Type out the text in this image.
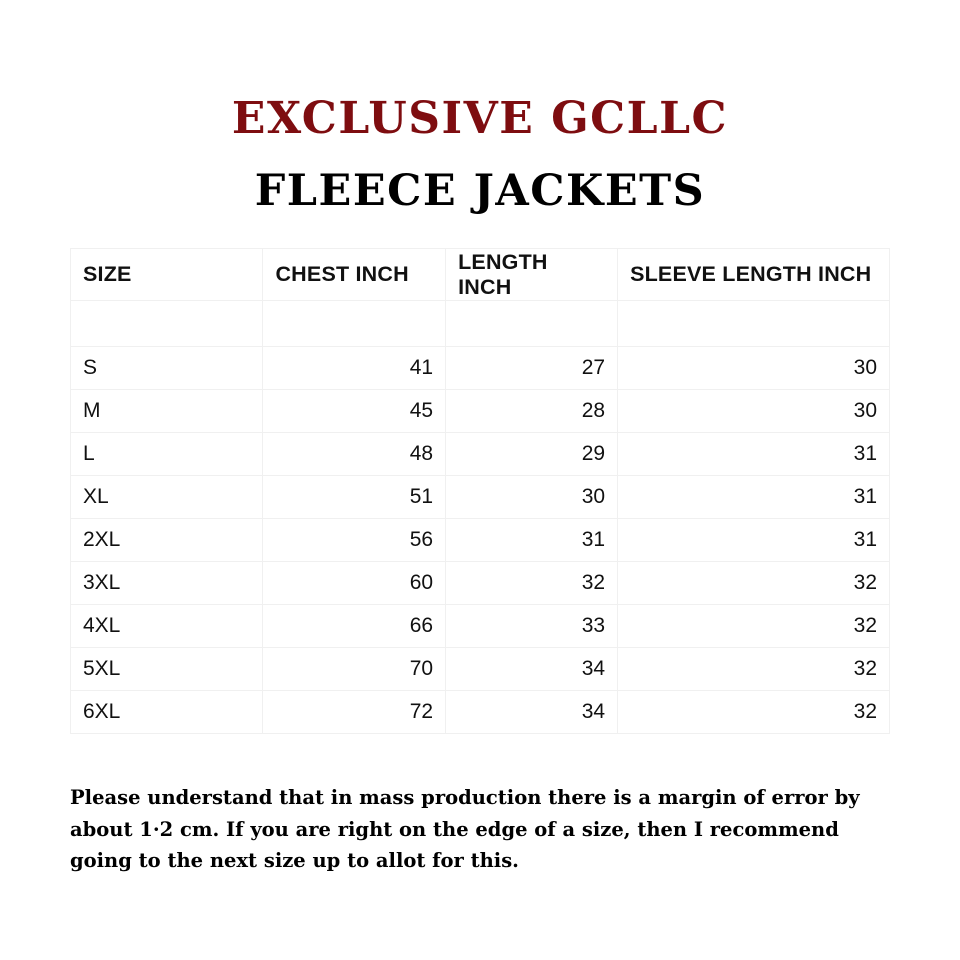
EXCLUSIVE GCLLC
FLEECE JACKETS
SIZE	CHEST INCH	LENGTH INCH	SLEEVE LENGTH INCH

S	41	27	30
M	45	28	30
L	48	29	31
XL	51	30	31
2XL	56	31	31
3XL	60	32	32
4XL	66	33	32
5XL	70	34	32
6XL	72	34	32
Please understand that in mass production there is a margin of error by about 1·2 cm. If you are right on the edge of a size, then I recommend going to the next size up to allot for this.
